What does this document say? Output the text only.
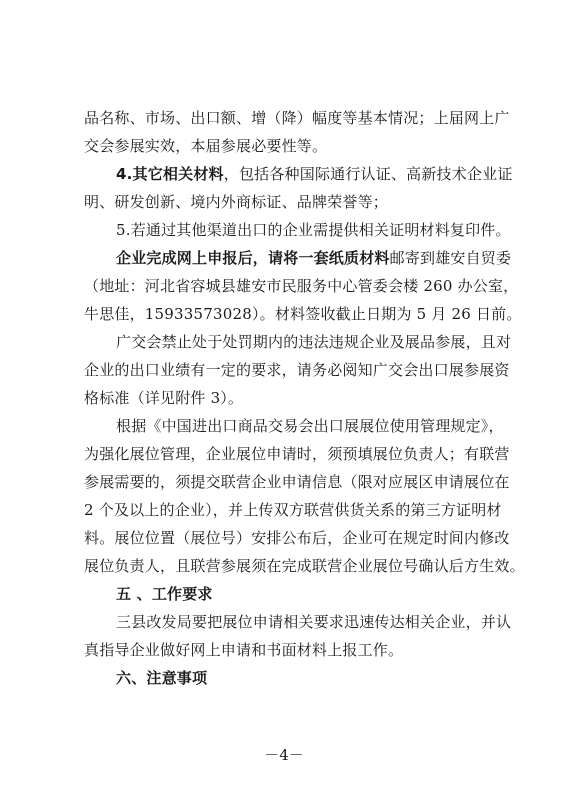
品名称、市场、出口额、增（降）幅度等基本情况；上届网上广
交会参展实效，本届参展必要性等。
4.其它相关材料，包括各种国际通行认证、高新技术企业证
明、研发创新、境内外商标证、品牌荣誉等；
5.若通过其他渠道出口的企业需提供相关证明材料复印件。
企业完成网上申报后，请将一套纸质材料邮寄到雄安自贸委
（地址：河北省容城县雄安市民服务中心管委会楼 260 办公室，
牛思佳，15933573028）。材料签收截止日期为 5 月 26 日前。
广交会禁止处于处罚期内的违法违规企业及展品参展，且对
企业的出口业绩有一定的要求，请务必阅知广交会出口展参展资
格标准（详见附件 3）。
根据《中国进出口商品交易会出口展展位使用管理规定》，
为强化展位管理，企业展位申请时，须预填展位负责人；有联营
参展需要的，须提交联营企业申请信息（限对应展区申请展位在
2 个及以上的企业），并上传双方联营供货关系的第三方证明材
料。展位位置（展位号）安排公布后，企业可在规定时间内修改
展位负责人，且联营参展须在完成联营企业展位号确认后方生效。
五 、工作要求
三县改发局要把展位申请相关要求迅速传达相关企业，并认
真指导企业做好网上申请和书面材料上报工作。
六、注意事项
－4－
